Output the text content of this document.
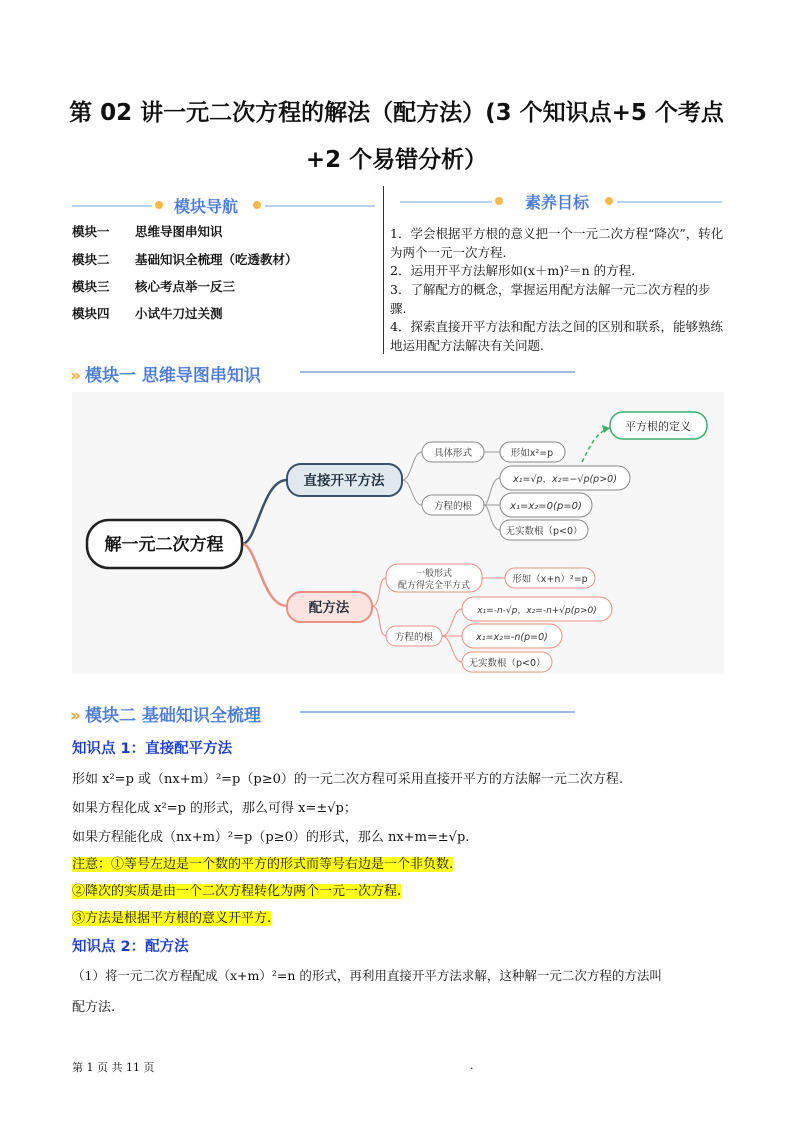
第 02 讲一元二次方程的解法（配方法）(3 个知识点+5 个考点
+2 个易错分析）
模块导航
模块一 思维导图串知识
模块二 基础知识全梳理（吃透教材）
模块三 核心考点举一反三
模块四 小试牛刀过关测
素养目标
1．学会根据平方根的意义把一个一元二次方程“降次”，转化为两个一元一次方程.
2．运用开平方法解形如(x＋m)²＝n 的方程.
3．了解配方的概念，掌握运用配方法解一元二次方程的步骤.
4．探索直接开平方法和配方法之间的区别和联系，能够熟练地运用配方法解决有关问题.
» 模块一 思维导图串知识
解一元二次方程
直接开平方法
配方法
平方根的定义
具体形式	形如x²=p
方程的根
x₁=√p，x₂=−√p(p>0)
x₁=x₂=0(p=0)
无实数根（p<0）
一般形式
配方得完全平方式
形如（x+n）²=p
方程的根
x₁=-n-√p，x₂=-n+√p(p>0)
x₁=x₂=-n(p=0)
无实数根（p<0）
» 模块二 基础知识全梳理
知识点 1：直接配平方法
形如 x²=p 或（nx+m）²=p（p≥0）的一元二次方程可采用直接开平方的方法解一元二次方程.
如果方程化成 x²=p 的形式，那么可得 x=±√p；
如果方程能化成（nx+m）²=p（p≥0）的形式，那么 nx+m=±√p.
注意：①等号左边是一个数的平方的形式而等号右边是一个非负数.
②降次的实质是由一个二次方程转化为两个一元一次方程.
③方法是根据平方根的意义开平方.
知识点 2：配方法
（1）将一元二次方程配成（x+m）²=n 的形式，再利用直接开平方法求解，这种解一元二次方程的方法叫
配方法.
第 1 页 共 11 页	.
